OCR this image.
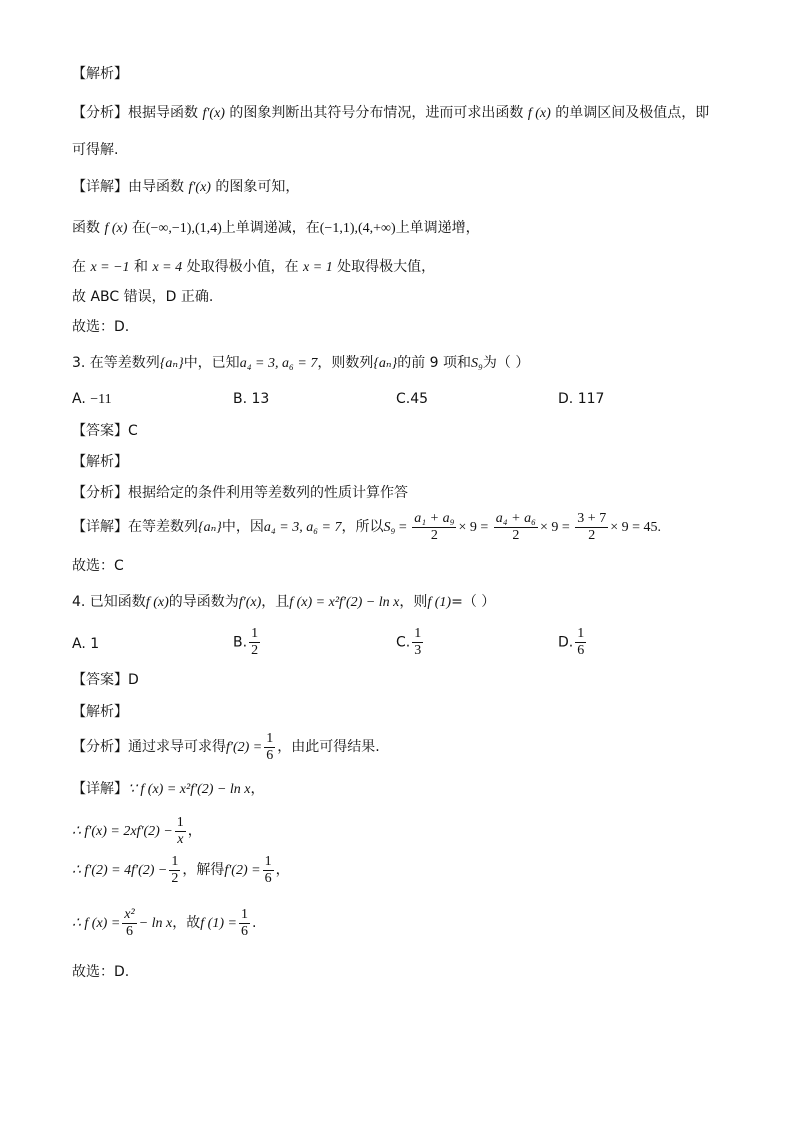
【解析】
【分析】根据导函数 f′(x) 的图象判断出其符号分布情况，进而可求出函数 f (x) 的单调区间及极值点，即
可得解.
【详解】由导函数 f′(x) 的图象可知，
函数 f (x) 在(−∞,−1),(1,4)上单调递减，在(−1,1),(4,+∞)上单调递增，
在 x = −1 和 x = 4 处取得极小值，在 x = 1 处取得极大值，
故 ABC 错误，D 正确.
故选：D.
3. 在等差数列{aₙ}中，已知a₄ = 3, a₆ = 7，则数列{aₙ}的前 9 项和S₉为（ ）
A. −11	B. 13	C.45	D. 117
【答案】C
【解析】
【分析】根据给定的条件利用等差数列的性质计算作答
【详解】在等差数列{aₙ}中，因a₄ = 3, a₆ = 7，所以$S_9 = \frac{\text{a₁ + a₉}}{2} \times 9 = \frac{\text{a₄ + a₆}}{2} \times 9 = \frac{3 + 7}{2} \times 9 = 45$.
故选：C
4. 已知函数f (x)的导函数为f′(x)，且f (x) = x²f′(2) − ln x，则f (1)=（ ）
A. 1	B. $\frac{1}{2}$	C. $\frac{1}{3}$	D. $\frac{1}{6}$
【答案】D
【解析】
【分析】通过求导可求得$f'(2) = \frac{1}{6}$ ，由此可得结果.
【详解】∵ f (x) = x²f′(2) − ln x，
∴ $f'(x) = 2xf'(2) - \frac{1}{x}$ ，
∴ $f'(2) = 4f'(2) - \frac{1}{2}$ ，解得$f'(2) = \frac{1}{6}$ ，
∴ f $(x) = \frac{\text{x²}}{6} - \ln x$，故f $(1) = \frac{1}{6}$ .
故选：D.
